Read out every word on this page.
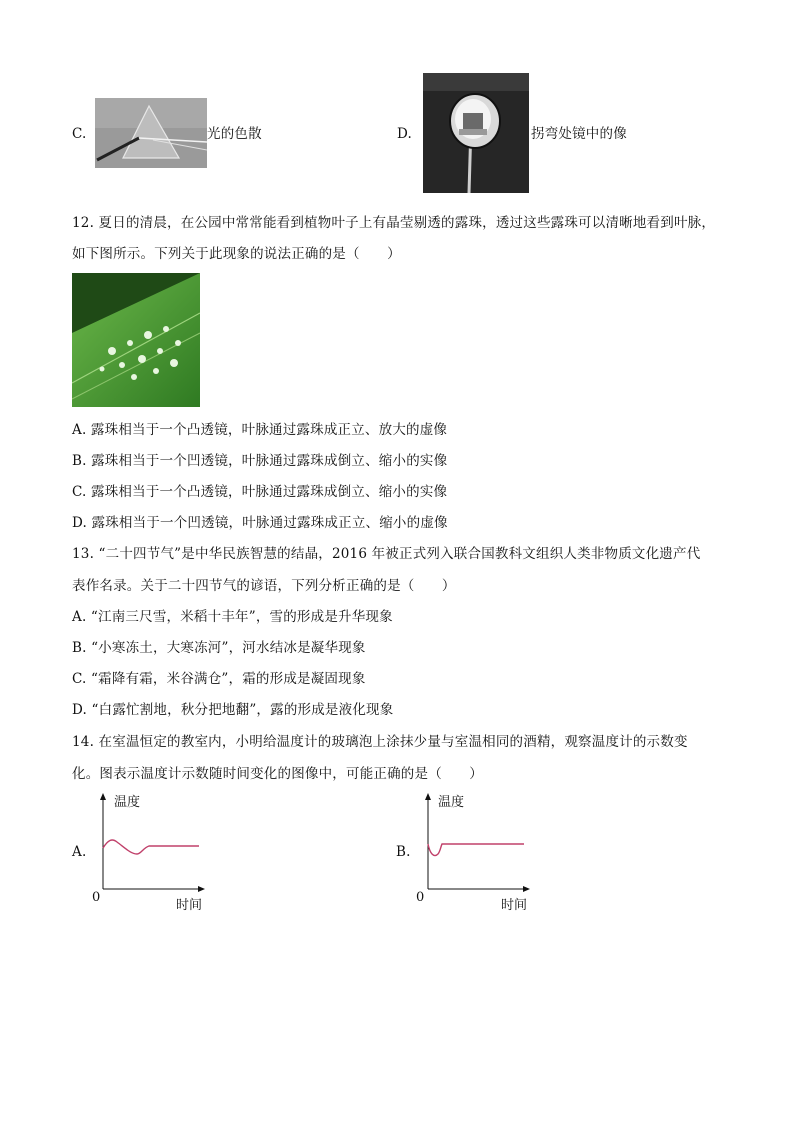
C.	光的色散	D.	拐弯处镜中的像
12. 夏日的清晨，在公园中常常能看到植物叶子上有晶莹剔透的露珠，透过这些露珠可以清晰地看到叶脉，
如下图所示。下列关于此现象的说法正确的是（　　）
A. 露珠相当于一个凸透镜，叶脉通过露珠成正立、放大的虚像
B. 露珠相当于一个凹透镜，叶脉通过露珠成倒立、缩小的实像
C. 露珠相当于一个凸透镜，叶脉通过露珠成倒立、缩小的实像
D. 露珠相当于一个凹透镜，叶脉通过露珠成正立、缩小的虚像
13. “二十四节气”是中华民族智慧的结晶，2016 年被正式列入联合国教科文组织人类非物质文化遗产代
表作名录。关于二十四节气的谚语，下列分析正确的是（　　）
A. “江南三尺雪，米稻十丰年”，雪的形成是升华现象
B. “小寒冻土，大寒冻河”，河水结冰是凝华现象
C. “霜降有霜，米谷满仓”，霜的形成是凝固现象
D. “白露忙割地，秋分把地翻”，露的形成是液化现象
14. 在室温恒定的教室内，小明给温度计的玻璃泡上涂抹少量与室温相同的酒精，观察温度计的示数变
化。图表示温度计示数随时间变化的图像中，可能正确的是（　　）
A.
温度
0
时间
B.
温度
0
时间
